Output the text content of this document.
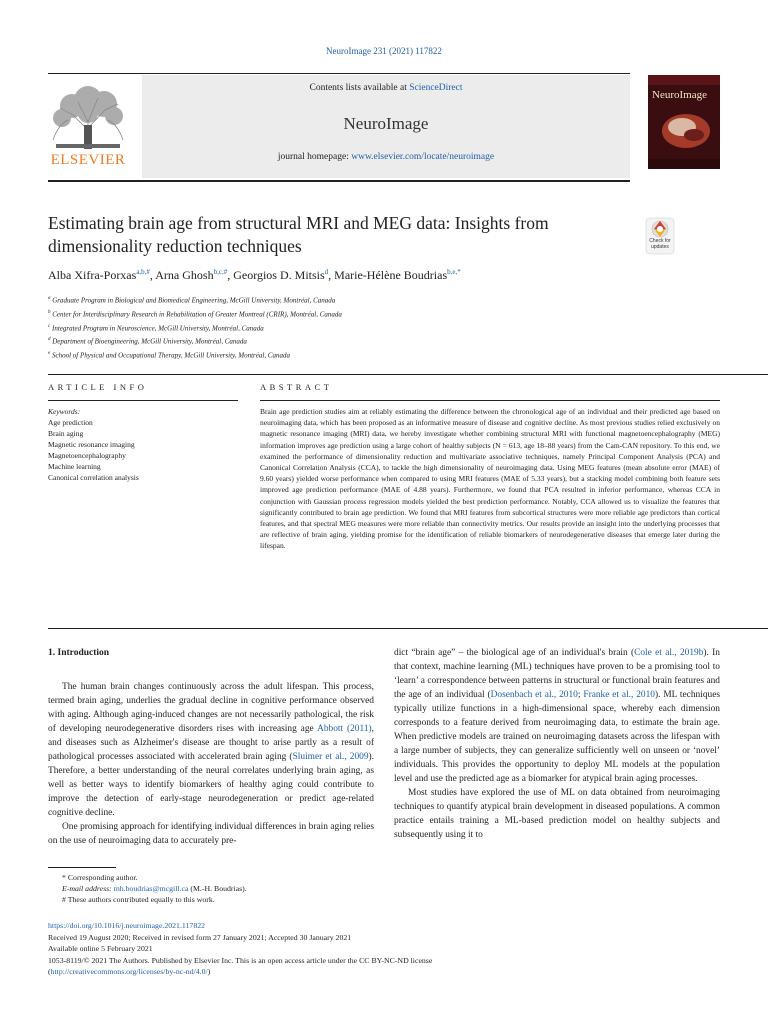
NeuroImage 231 (2021) 117822
ELSEVIER
Contents lists available at ScienceDirect
NeuroImage
journal homepage: www.elsevier.com/locate/neuroimage
NeuroImage
Estimating brain age from structural MRI and MEG data: Insights from dimensionality reduction techniques	Check for
updates
Alba Xifra-Porxas$^{a,b,\#}$, Arna Ghosh$^{b,c,\#}$, Georgios D. Mitsis$^d$, Marie-Hélène Boudrias$^{b,e,*}$
$^a$ Graduate Program in Biological and Biomedical Engineering, McGill University, Montréal, Canada
$^b$ Center for Interdisciplinary Research in Rehabilitation of Greater Montreal (CRIR), Montréal, Canada
$^c$ Integrated Program in Neuroscience, McGill University, Montréal, Canada
$^d$ Department of Bioengineering, McGill University, Montréal, Canada
$^e$ School of Physical and Occupational Therapy, McGill University, Montréal, Canada
ARTICLE INFO	ABSTRACT
Keywords:
Age prediction
Brain aging
Magnetic resonance imaging
Magnetoencephalography
Machine learning
Canonical correlation analysis
Brain age prediction studies aim at reliably estimating the difference between the chronological age of an individual and their predicted age based on neuroimaging data, which has been proposed as an informative measure of disease and cognitive decline. As most previous studies relied exclusively on magnetic resonance imaging (MRI) data, we hereby investigate whether combining structural MRI with functional magnetoencephalography (MEG) information improves age prediction using a large cohort of healthy subjects (N = 613, age 18–88 years) from the Cam-CAN repository. To this end, we examined the performance of dimensionality reduction and multivariate associative techniques, namely Principal Component Analysis (PCA) and Canonical Correlation Analysis (CCA), to tackle the high dimensionality of neuroimaging data. Using MEG features (mean absolute error (MAE) of 9.60 years) yielded worse performance when compared to using MRI features (MAE of 5.33 years), but a stacking model combining both feature sets improved age prediction performance (MAE of 4.88 years). Furthermore, we found that PCA resulted in inferior performance, whereas CCA in conjunction with Gaussian process regression models yielded the best prediction performance. Notably, CCA allowed us to visualize the features that significantly contributed to brain age prediction. We found that MRI features from subcortical structures were more reliable age predictors than cortical features, and that spectral MEG measures were more reliable than connectivity metrics. Our results provide an insight into the underlying processes that are reflective of brain aging, yielding promise for the identification of reliable biomarkers of neurodegenerative diseases that emerge later during the lifespan.
1. Introduction

The human brain changes continuously across the adult lifespan. This process, termed brain aging, underlies the gradual decline in cognitive performance observed with aging. Although aging-induced changes are not necessarily pathological, the risk of developing neurodegenerative disorders rises with increasing age Abbott (2011), and diseases such as Alzheimer's disease are thought to arise partly as a result of pathological processes associated with accelerated brain aging (Sluimer et al., 2009). Therefore, a better understanding of the neural correlates underlying brain aging, as well as better ways to identify biomarkers of healthy aging could contribute to improve the detection of early-stage neurodegeneration or predict age-related cognitive decline.

One promising approach for identifying individual differences in brain aging relies on the use of neuroimaging data to accurately pre-

dict “brain age” – the biological age of an individual's brain (Cole et al., 2019b). In that context, machine learning (ML) techniques have proven to be a promising tool to ‘learn’ a correspondence between patterns in structural or functional brain features and the age of an individual (Dosenbach et al., 2010; Franke et al., 2010). ML techniques typically utilize functions in a high-dimensional space, whereby each dimension corresponds to a feature derived from neuroimaging data, to estimate the brain age. When predictive models are trained on neuroimaging datasets across the lifespan with a large number of subjects, they can generalize sufficiently well on unseen or ‘novel’ individuals. This provides the opportunity to deploy ML models at the population level and use the predicted age as a biomarker for atypical brain aging processes.

Most studies have explored the use of ML on data obtained from neuroimaging techniques to quantify atypical brain development in diseased populations. A common practice entails training a ML-based prediction model on healthy subjects and subsequently using it to

* Corresponding author.
E-mail address: mh.boudrias@mcgill.ca (M.-H. Boudrias).
# These authors contributed equally to this work.
https://doi.org/10.1016/j.neuroimage.2021.117822
Received 19 August 2020; Received in revised form 27 January 2021; Accepted 30 January 2021
Available online 5 February 2021
1053-8119/© 2021 The Authors. Published by Elsevier Inc. This is an open access article under the CC BY-NC-ND license
(http://creativecommons.org/licenses/by-nc-nd/4.0/)
